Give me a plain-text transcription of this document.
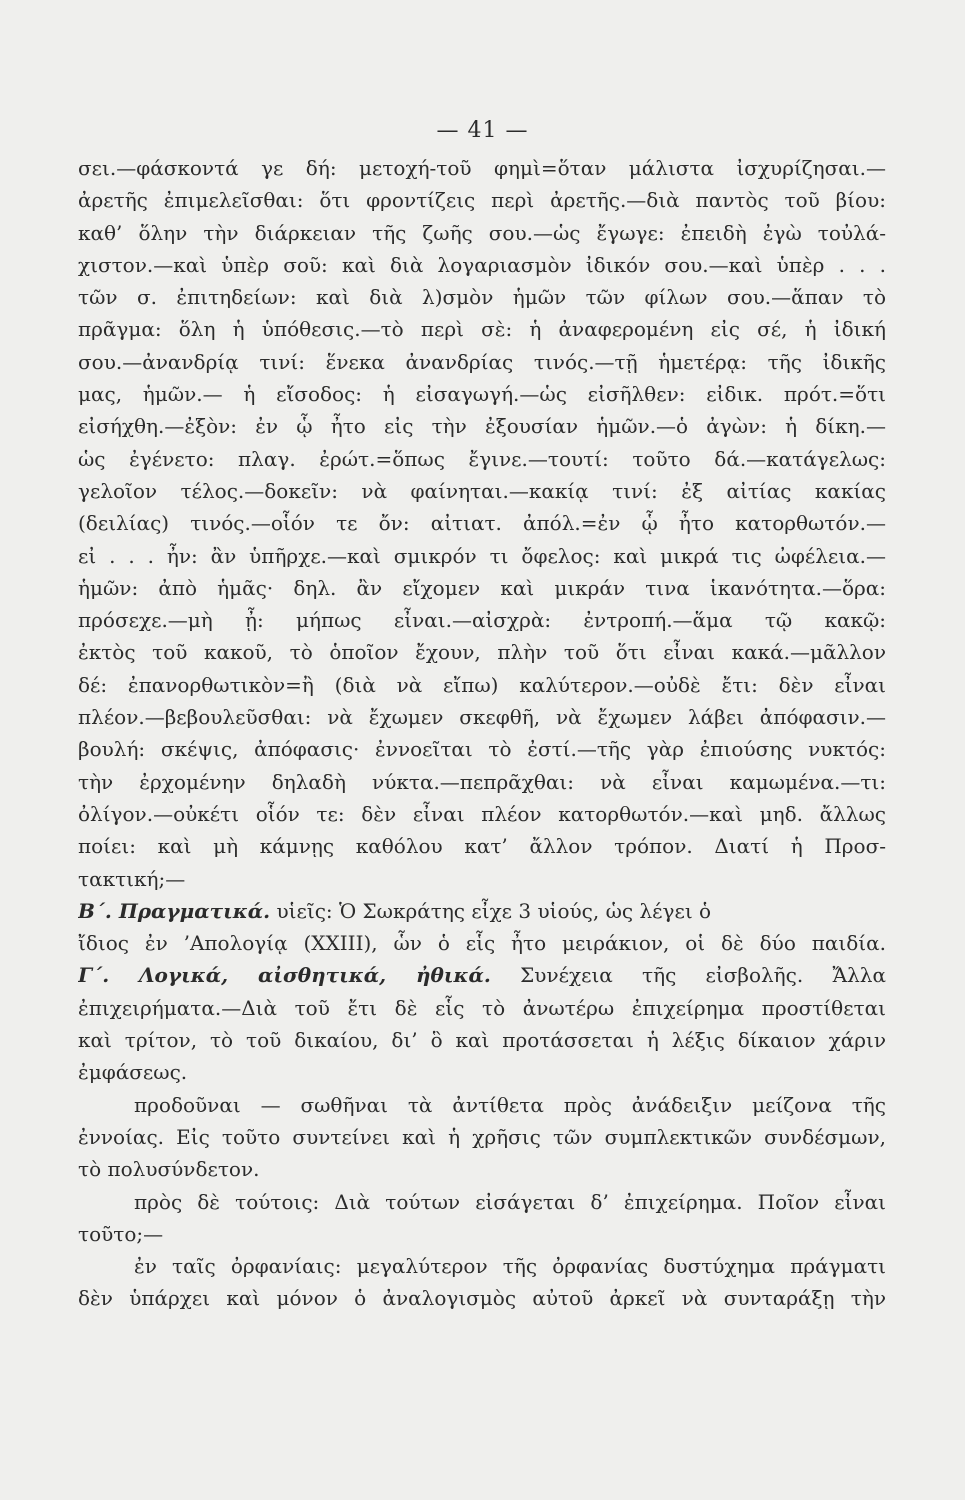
— 41 —
σει.—φάσκοντά γε δή: μετοχή-τοῦ φημὶ=ὅταν μάλιστα ἰσχυρίζησαι.—
ἀρετῆς ἐπιμελεῖσθαι: ὅτι φροντίζεις περὶ ἀρετῆς.—διὰ παντὸς τοῦ βίου:
καθ’ ὅλην τὴν διάρκειαν τῆς ζωῆς σου.—ὡς ἔγωγε: ἐπειδὴ ἐγὼ τοὐλά-
χιστον.—καὶ ὑπὲρ σοῦ: καὶ διὰ λογαριασμὸν ἰδικόν σου.—καὶ ὑπὲρ . . .
τῶν σ. ἐπιτηδείων: καὶ διὰ λ)σμὸν ἡμῶν τῶν φίλων σου.—ἅπαν τὸ
πρᾶγμα: ὅλη ἡ ὑπόθεσις.—τὸ περὶ σὲ: ἡ ἀναφερομένη εἰς σέ, ἡ ἰδική
σου.—ἀνανδρίᾳ τινί: ἕνεκα ἀνανδρίας τινός.—τῇ ἡμετέρᾳ: τῆς ἰδικῆς
μας, ἡμῶν.— ἡ εἴσοδος: ἡ εἰσαγωγή.—ὡς εἰσῆλθεν: εἰδικ. πρότ.=ὅτι
εἰσήχθη.—ἐξὸν: ἐν ᾧ ἦτο εἰς τὴν ἐξουσίαν ἡμῶν.—ὁ ἀγὼν: ἡ δίκη.—
ὡς ἐγένετο: πλαγ. ἐρώτ.=ὅπως ἔγινε.—τουτί: τοῦτο δά.—κατάγελως:
γελοῖον τέλος.—δοκεῖν: νὰ φαίνηται.—κακίᾳ τινί: ἐξ αἰτίας κακίας
(δειλίας) τινός.—οἷόν τε ὄν: αἰτιατ. ἀπόλ.=ἐν ᾧ ἦτο κατορθωτόν.—
εἰ . . . ἦν: ἂν ὑπῆρχε.—καὶ σμικρόν τι ὄφελος: καὶ μικρά τις ὠφέλεια.—
ἡμῶν: ἀπὸ ἡμᾶς· δηλ. ἂν εἴχομεν καὶ μικράν τινα ἱκανότητα.—ὅρα:
πρόσεχε.—μὴ ᾖ: μήπως εἶναι.—αἰσχρὰ: ἐντροπή.—ἅμα τῷ κακῷ:
ἐκτὸς τοῦ κακοῦ, τὸ ὁποῖον ἔχουν, πλὴν τοῦ ὅτι εἶναι κακά.—μᾶλλον
δέ: ἐπανορθωτικὸν=ἢ (διὰ νὰ εἴπω) καλύτερον.—οὐδὲ ἔτι: δὲν εἶναι
πλέον.—βεβουλεῦσθαι: νὰ ἔχωμεν σκεφθῆ, νὰ ἔχωμεν λάβει ἀπόφασιν.—
βουλή: σκέψις, ἀπόφασις· ἐννοεῖται τὸ ἐστί.—τῆς γὰρ ἐπιούσης νυκτός:
τὴν ἐρχομένην δηλαδὴ νύκτα.—πεπρᾶχθαι: νὰ εἶναι καμωμένα.—τι:
ὀλίγον.—οὐκέτι οἷόν τε: δὲν εἶναι πλέον κατορθωτόν.—καὶ μηδ. ἄλλως
ποίει: καὶ μὴ κάμνῃς καθόλου κατ’ ἄλλον τρόπον. Διατί ἡ Προσ-
τακτική;—
Β΄. Πραγματικά. υἱεῖς: Ὁ Σωκράτης εἶχε 3 υἱούς, ὡς λέγει ὁ
ἴδιος ἐν ’Απολογίᾳ (XXIII), ὧν ὁ εἷς ἦτο μειράκιον, οἱ δὲ δύο παιδία.
Γ΄. Λογικά, αἰσθητικά, ἠθικά. Συνέχεια τῆς εἰσβολῆς. Ἄλλα
ἐπιχειρήματα.—Διὰ τοῦ ἔτι δὲ εἷς τὸ ἀνωτέρω ἐπιχείρημα προστίθεται
καὶ τρίτον, τὸ τοῦ δικαίου, δι’ ὃ καὶ προτάσσεται ἡ λέξις δίκαιον χάριν
ἐμφάσεως.
προδοῦναι — σωθῆναι τὰ ἀντίθετα πρὸς ἀνάδειξιν μείζονα τῆς
ἐννοίας. Εἰς τοῦτο συντείνει καὶ ἡ χρῆσις τῶν συμπλεκτικῶν συνδέσμων,
τὸ πολυσύνδετον.
πρὸς δὲ τούτοις: Διὰ τούτων εἰσάγεται δ’ ἐπιχείρημα. Ποῖον εἶναι
τοῦτο;—
ἐν ταῖς ὀρφανίαις: μεγαλύτερον τῆς ὀρφανίας δυστύχημα πράγματι
δὲν ὑπάρχει καὶ μόνον ὁ ἀναλογισμὸς αὐτοῦ ἀρκεῖ νὰ συνταράξῃ τὴν
